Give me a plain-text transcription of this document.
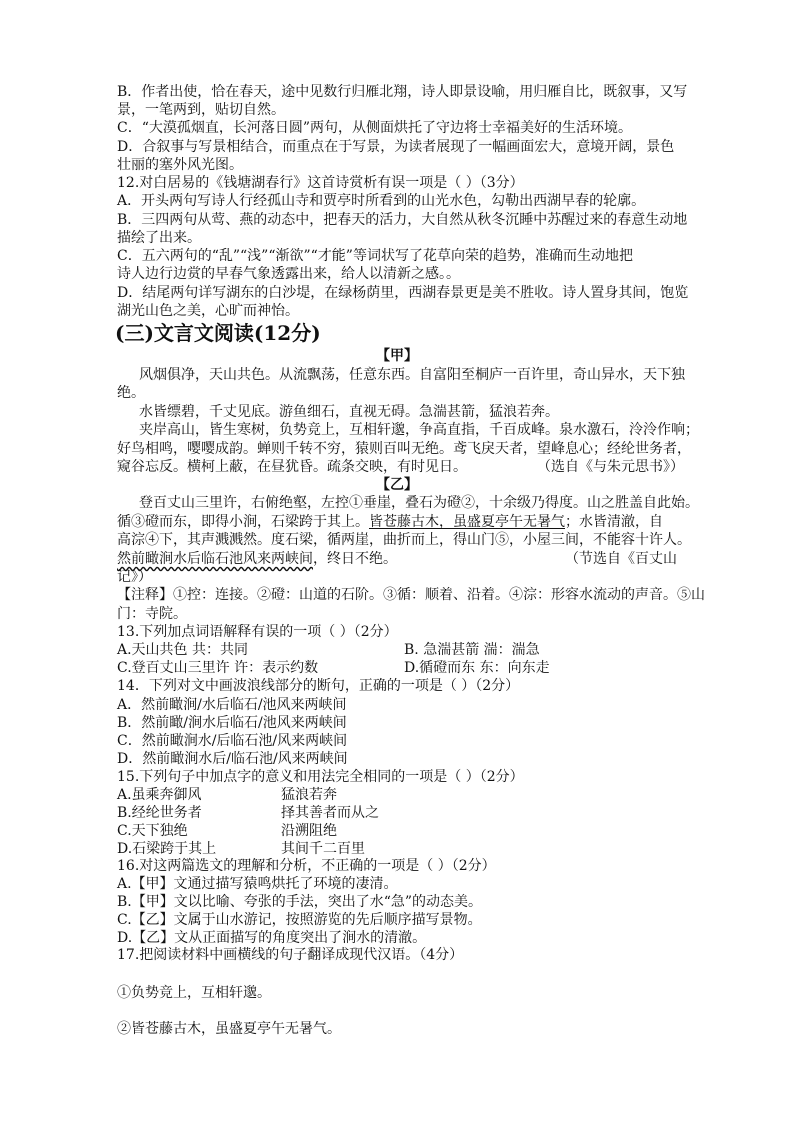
B．作者出使，恰在春天，途中见数行归雁北翔，诗人即景设喻，用归雁自比，既叙事，又写
景，一笔两到，贴切自然。
C．“大漠孤烟直，长河落日圆”两句，从侧面烘托了守边将士幸福美好的生活环境。
D．合叙事与写景相结合，而重点在于写景，为读者展现了一幅画面宏大，意境开阔，景色
壮丽的塞外风光图。
12.对白居易的《钱塘湖春行》这首诗赏析有误一项是（ ）（3分）
A．开头两句写诗人行经孤山寺和贾亭时所看到的山光水色，勾勒出西湖早春的轮廓。
B．三四两句从莺、燕的动态中，把春天的活力，大自然从秋冬沉睡中苏醒过来的春意生动地
描绘了出来。
C．五六两句的“乱”“浅”“渐欲”“才能”等词状写了花草向荣的趋势，准确而生动地把
诗人边行边赏的早春气象透露出来，给人以清新之感。。
D．结尾两句详写湖东的白沙堤，在绿杨荫里，西湖春景更是美不胜收。诗人置身其间，饱览
湖光山色之美，心旷而神怡。
(三)文言文阅读(12分)
【甲】
风烟俱净，天山共色。从流飘荡，任意东西。自富阳至桐庐一百许里，奇山异水，天下独
绝。
水皆缥碧，千丈见底。游鱼细石，直视无碍。急湍甚箭，猛浪若奔。
夹岸高山，皆生寒树，负势竞上，互相轩邈，争高直指，千百成峰。泉水激石，泠泠作响；
好鸟相鸣，嘤嘤成韵。蝉则千转不穷，猿则百叫无绝。鸢飞戾天者，望峰息心；经纶世务者，
窥谷忘反。横柯上蔽，在昼犹昏。疏条交映，有时见日。	（选自《与朱元思书》）
【乙】
登百丈山三里许，右俯绝壑，左控①垂崖，叠石为磴②，十余级乃得度。山之胜盖自此始。
循③磴而东，即得小涧，石梁跨于其上。皆苍藤古木，虽盛夏亭午无暑气；水皆清澈，自
高淙④下，其声溅溅然。度石梁，循两崖，曲折而上，得山门⑤，小屋三间，不能容十许人。
然前瞰涧水后临石池风来两峡间，终日不绝。	（节选自《百丈山
记》）
【注释】①控：连接。②磴：山道的石阶。③循：顺着、沿着。④淙：形容水流动的声音。⑤山
门：寺院。
13.下列加点词语解释有误的一项（ ）（2分）
A.天山共色 共：共同	B. 急湍甚箭 湍：湍急
C.登百丈山三里许 许：表示约数	D.循磴而东 东：向东走
14．下列对文中画波浪线部分的断句，正确的一项是（ ）（2分）
A．然前瞰涧/水后临石/池风来两峡间
B．然前瞰/涧水后临石/池风来两峡间
C．然前瞰涧水/后临石池/风来两峡间
D．然前瞰涧水后/临石池/风来两峡间
15.下列句子中加点字的意义和用法完全相同的一项是（ ）（2分）
A.虽乘奔御风	猛浪若奔
B.经纶世务者	择其善者而从之
C.天下独绝	沿溯阻绝
D.石梁跨于其上	其间千二百里
16.对这两篇选文的理解和分析，不正确的一项是（ ）（2分）
A.【甲】文通过描写猿鸣烘托了环境的凄清。
B.【甲】文以比喻、夸张的手法，突出了水“急”的动态美。
C.【乙】文属于山水游记，按照游览的先后顺序描写景物。
D.【乙】文从正面描写的角度突出了涧水的清澈。
17.把阅读材料中画横线的句子翻译成现代汉语。（4分）
①负势竞上，互相轩邈。
②皆苍藤古木，虽盛夏亭午无暑气。
